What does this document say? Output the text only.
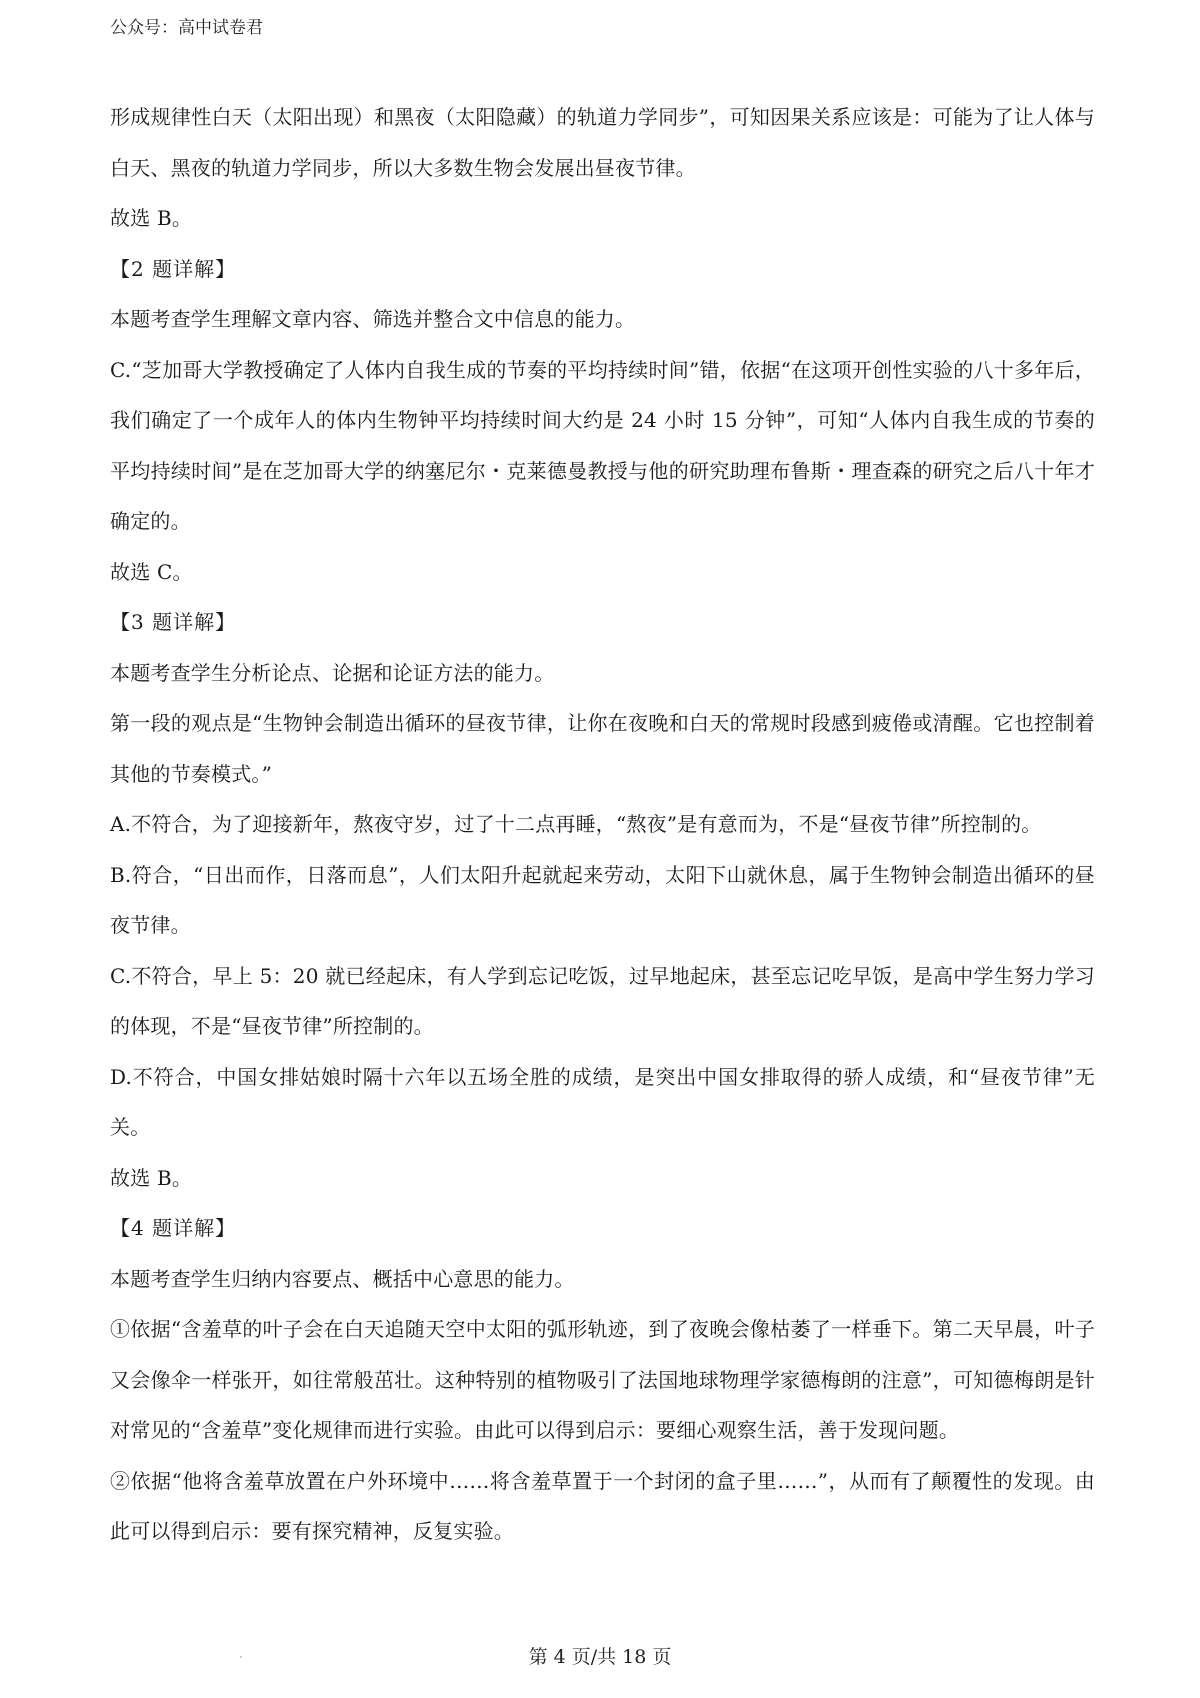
公众号：高中试卷君

形成规律性白天（太阳出现）和黑夜（太阳隐藏）的轨道力学同步”，可知因果关系应该是：可能为了让人体与白天、黑夜的轨道力学同步，所以大多数生物会发展出昼夜节律。

故选 B。

【2 题详解】

本题考查学生理解文章内容、筛选并整合文中信息的能力。

C.“芝加哥大学教授确定了人体内自我生成的节奏的平均持续时间”错，依据“在这项开创性实验的八十多年后，我们确定了一个成年人的体内生物钟平均持续时间大约是 24 小时 15 分钟”，可知“人体内自我生成的节奏的平均持续时间”是在芝加哥大学的纳塞尼尔・克莱德曼教授与他的研究助理布鲁斯・理查森的研究之后八十年才确定的。

故选 C。

【3 题详解】

本题考查学生分析论点、论据和论证方法的能力。

第一段的观点是“生物钟会制造出循环的昼夜节律，让你在夜晚和白天的常规时段感到疲倦或清醒。它也控制着其他的节奏模式。”

A.不符合，为了迎接新年，熬夜守岁，过了十二点再睡，“熬夜”是有意而为，不是“昼夜节律”所控制的。

B.符合，“日出而作，日落而息”，人们太阳升起就起来劳动，太阳下山就休息，属于生物钟会制造出循环的昼夜节律。

C.不符合，早上 5：20 就已经起床，有人学到忘记吃饭，过早地起床，甚至忘记吃早饭，是高中学生努力学习的体现，不是“昼夜节律”所控制的。

D.不符合，中国女排姑娘时隔十六年以五场全胜的成绩，是突出中国女排取得的骄人成绩，和“昼夜节律”无关。

故选 B。

【4 题详解】

本题考查学生归纳内容要点、概括中心意思的能力。

①依据“含羞草的叶子会在白天追随天空中太阳的弧形轨迹，到了夜晚会像枯萎了一样垂下。第二天早晨，叶子又会像伞一样张开，如往常般茁壮。这种特别的植物吸引了法国地球物理学家德梅朗的注意”，可知德梅朗是针对常见的“含羞草”变化规律而进行实验。由此可以得到启示：要细心观察生活，善于发现问题。

②依据“他将含羞草放置在户外环境中……将含羞草置于一个封闭的盒子里……”，从而有了颠覆性的发现。由此可以得到启示：要有探究精神，反复实验。

第 4 页/共 18 页
